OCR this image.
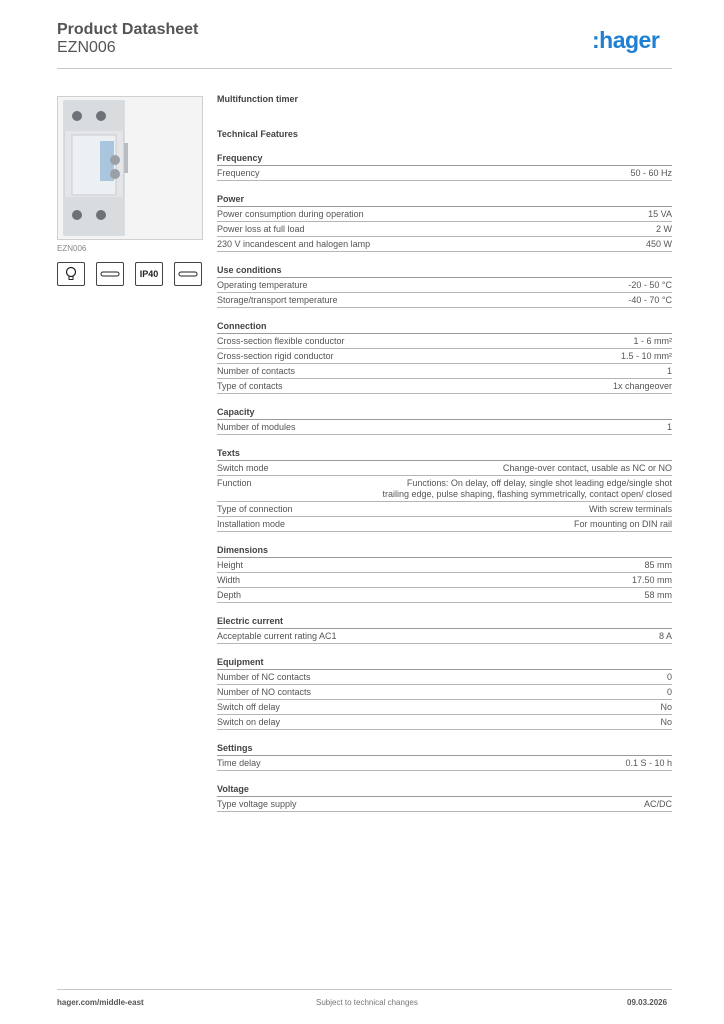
Product Datasheet
EZN006	:hager
EZN006
IP40
Multifunction timer
Technical Features
Frequency
Frequency	50 - 60 Hz
Power
Power consumption during operation	15 VA
Power loss at full load	2 W
230 V incandescent and halogen lamp	450 W
Use conditions
Operating temperature	-20 - 50 °C
Storage/transport temperature	-40 - 70 °C
Connection
Cross-section flexible conductor	1 - 6 mm²
Cross-section rigid conductor	1.5 - 10 mm²
Number of contacts	1
Type of contacts	1x changeover
Capacity
Number of modules	1
Texts
Switch mode	Change-over contact, usable as NC or NO
Function	Functions: On delay, off delay, single shot leading edge/single shot trailing edge, pulse shaping, flashing symmetrically, contact open/ closed
Type of connection	With screw terminals
Installation mode	For mounting on DIN rail
Dimensions
Height	85 mm
Width	17.50 mm
Depth	58 mm
Electric current
Acceptable current rating AC1	8 A
Equipment
Number of NC contacts	0
Number of NO contacts	0
Switch off delay	No
Switch on delay	No
Settings
Time delay	0.1 S - 10 h
Voltage
Type voltage supply	AC/DC
hager.com/middle-east	Subject to technical changes	09.03.2026
